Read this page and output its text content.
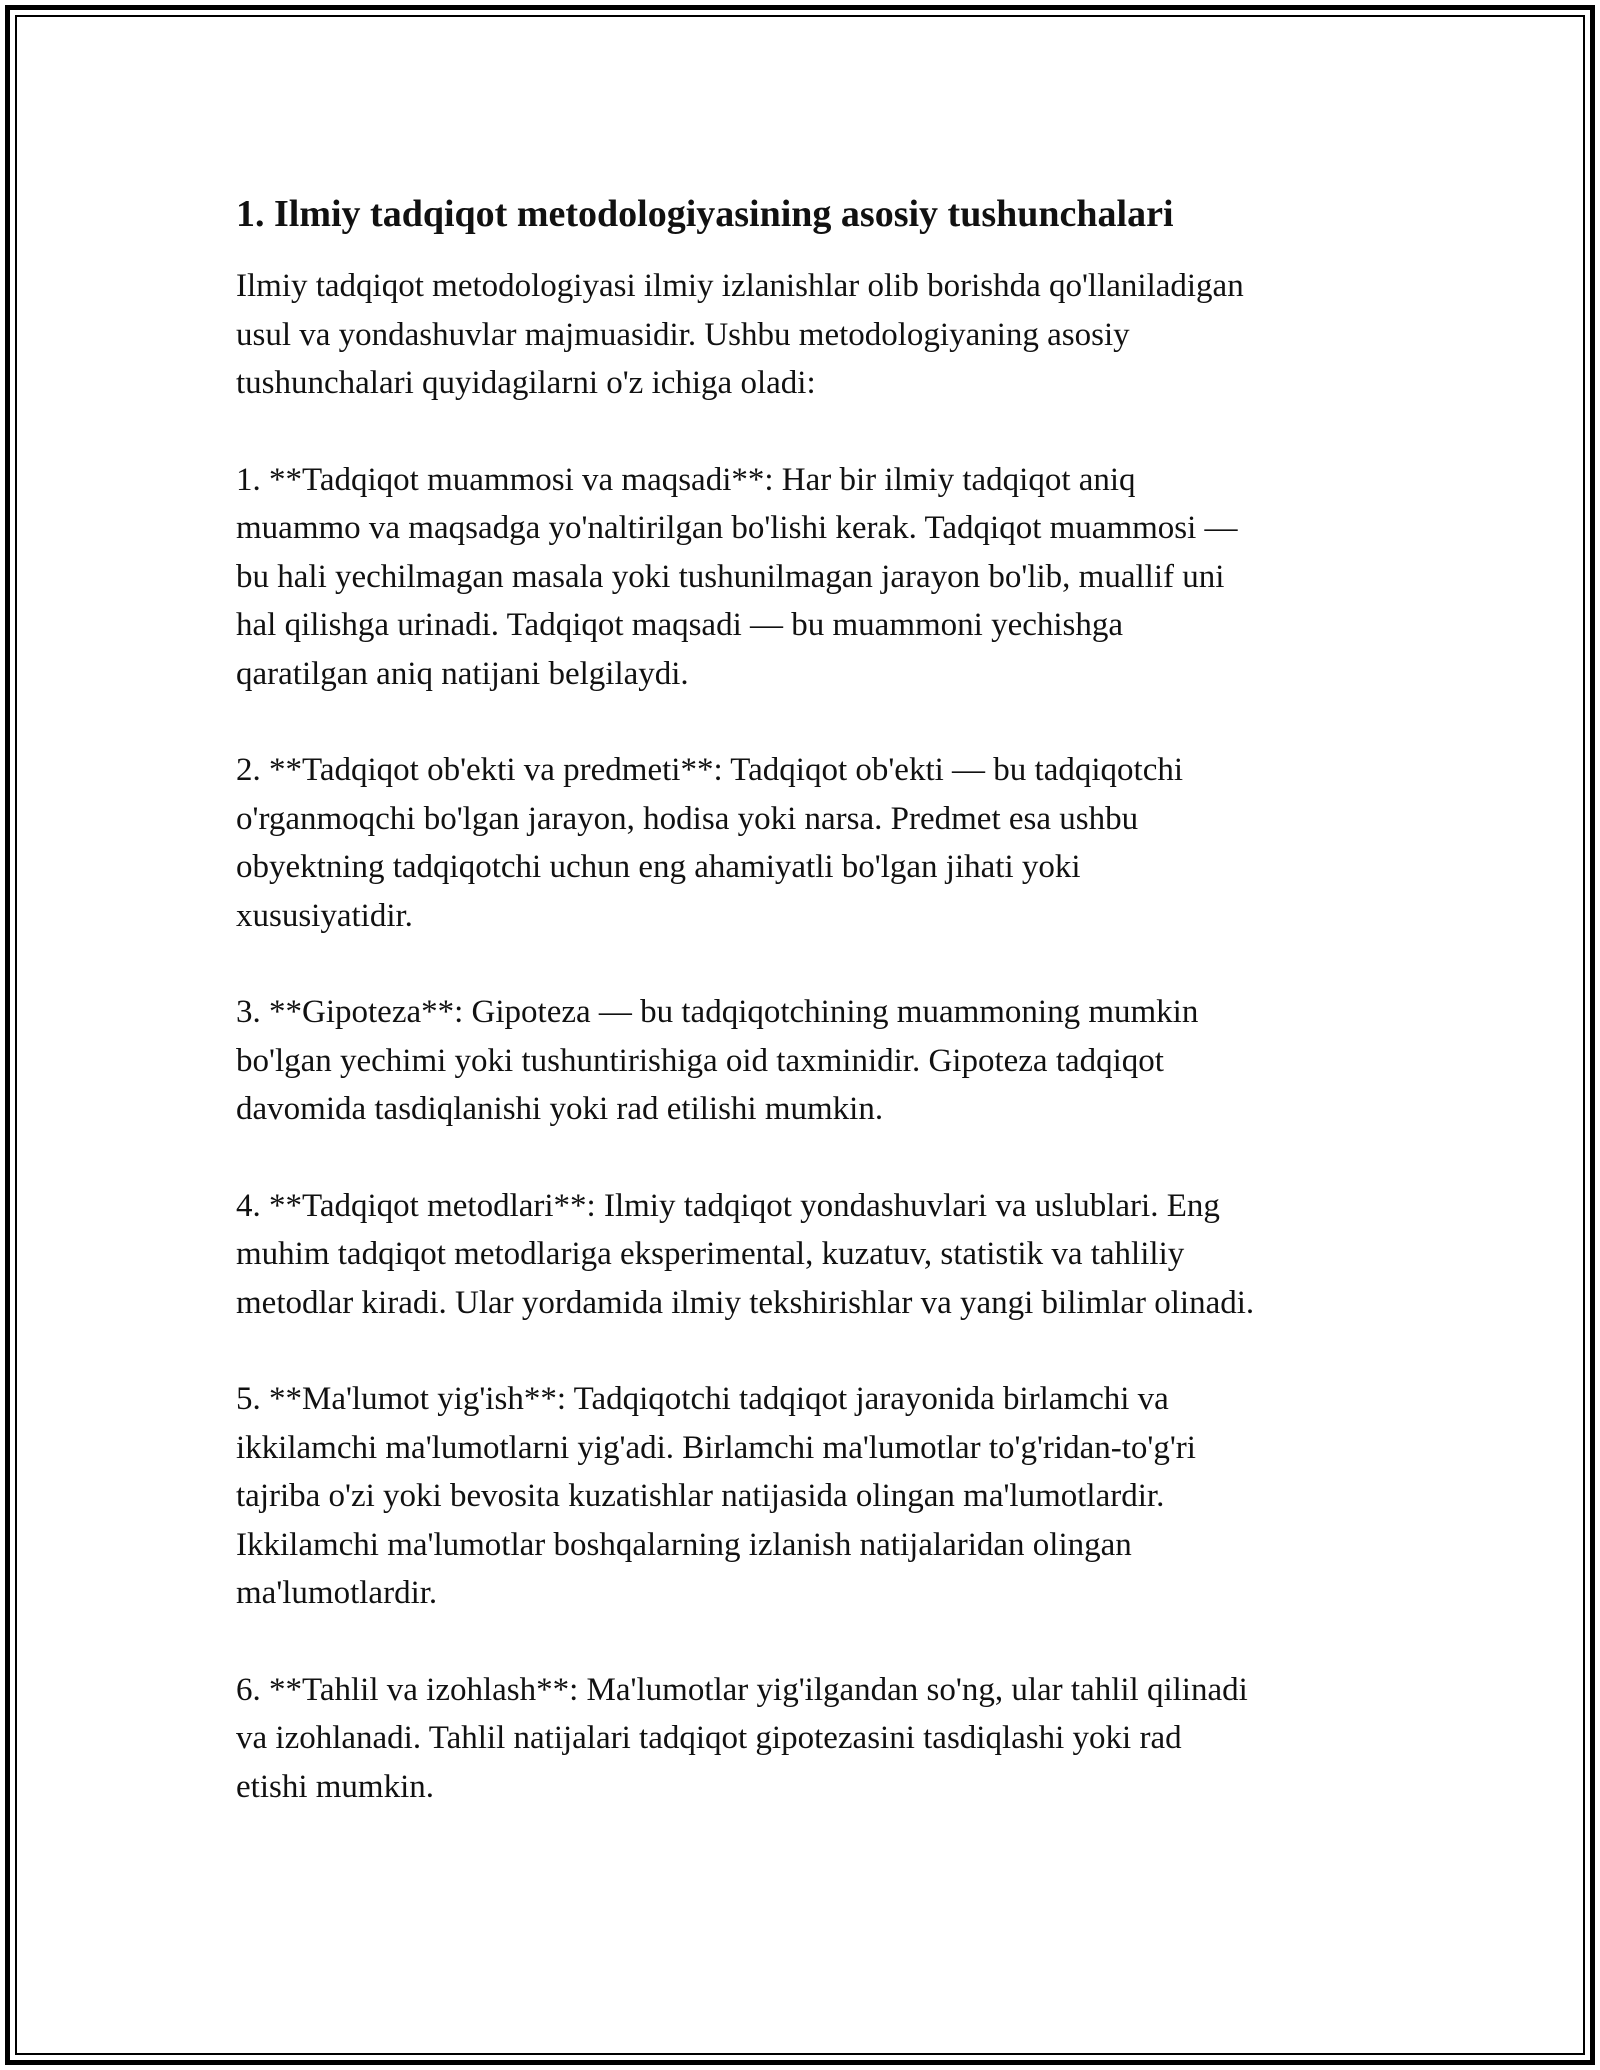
1. Ilmiy tadqiqot metodologiyasining asosiy tushunchalari

Ilmiy tadqiqot metodologiyasi ilmiy izlanishlar olib borishda qo'llaniladigan
usul va yondashuvlar majmuasidir. Ushbu metodologiyaning asosiy
tushunchalari quyidagilarni o'z ichiga oladi:

1. **Tadqiqot muammosi va maqsadi**: Har bir ilmiy tadqiqot aniq
muammo va maqsadga yo'naltirilgan bo'lishi kerak. Tadqiqot muammosi —
bu hali yechilmagan masala yoki tushunilmagan jarayon bo'lib, muallif uni
hal qilishga urinadi. Tadqiqot maqsadi — bu muammoni yechishga
qaratilgan aniq natijani belgilaydi.

2. **Tadqiqot ob'ekti va predmeti**: Tadqiqot ob'ekti — bu tadqiqotchi
o'rganmoqchi bo'lgan jarayon, hodisa yoki narsa. Predmet esa ushbu
obyektning tadqiqotchi uchun eng ahamiyatli bo'lgan jihati yoki
xususiyatidir.

3. **Gipoteza**: Gipoteza — bu tadqiqotchining muammoning mumkin
bo'lgan yechimi yoki tushuntirishiga oid taxminidir. Gipoteza tadqiqot
davomida tasdiqlanishi yoki rad etilishi mumkin.

4. **Tadqiqot metodlari**: Ilmiy tadqiqot yondashuvlari va uslublari. Eng
muhim tadqiqot metodlariga eksperimental, kuzatuv, statistik va tahliliy
metodlar kiradi. Ular yordamida ilmiy tekshirishlar va yangi bilimlar olinadi.

5. **Ma'lumot yig'ish**: Tadqiqotchi tadqiqot jarayonida birlamchi va
ikkilamchi ma'lumotlarni yig'adi. Birlamchi ma'lumotlar to'g'ridan-to'g'ri
tajriba o'zi yoki bevosita kuzatishlar natijasida olingan ma'lumotlardir.
Ikkilamchi ma'lumotlar boshqalarning izlanish natijalaridan olingan
ma'lumotlardir.

6. **Tahlil va izohlash**: Ma'lumotlar yig'ilgandan so'ng, ular tahlil qilinadi
va izohlanadi. Tahlil natijalari tadqiqot gipotezasini tasdiqlashi yoki rad
etishi mumkin.
